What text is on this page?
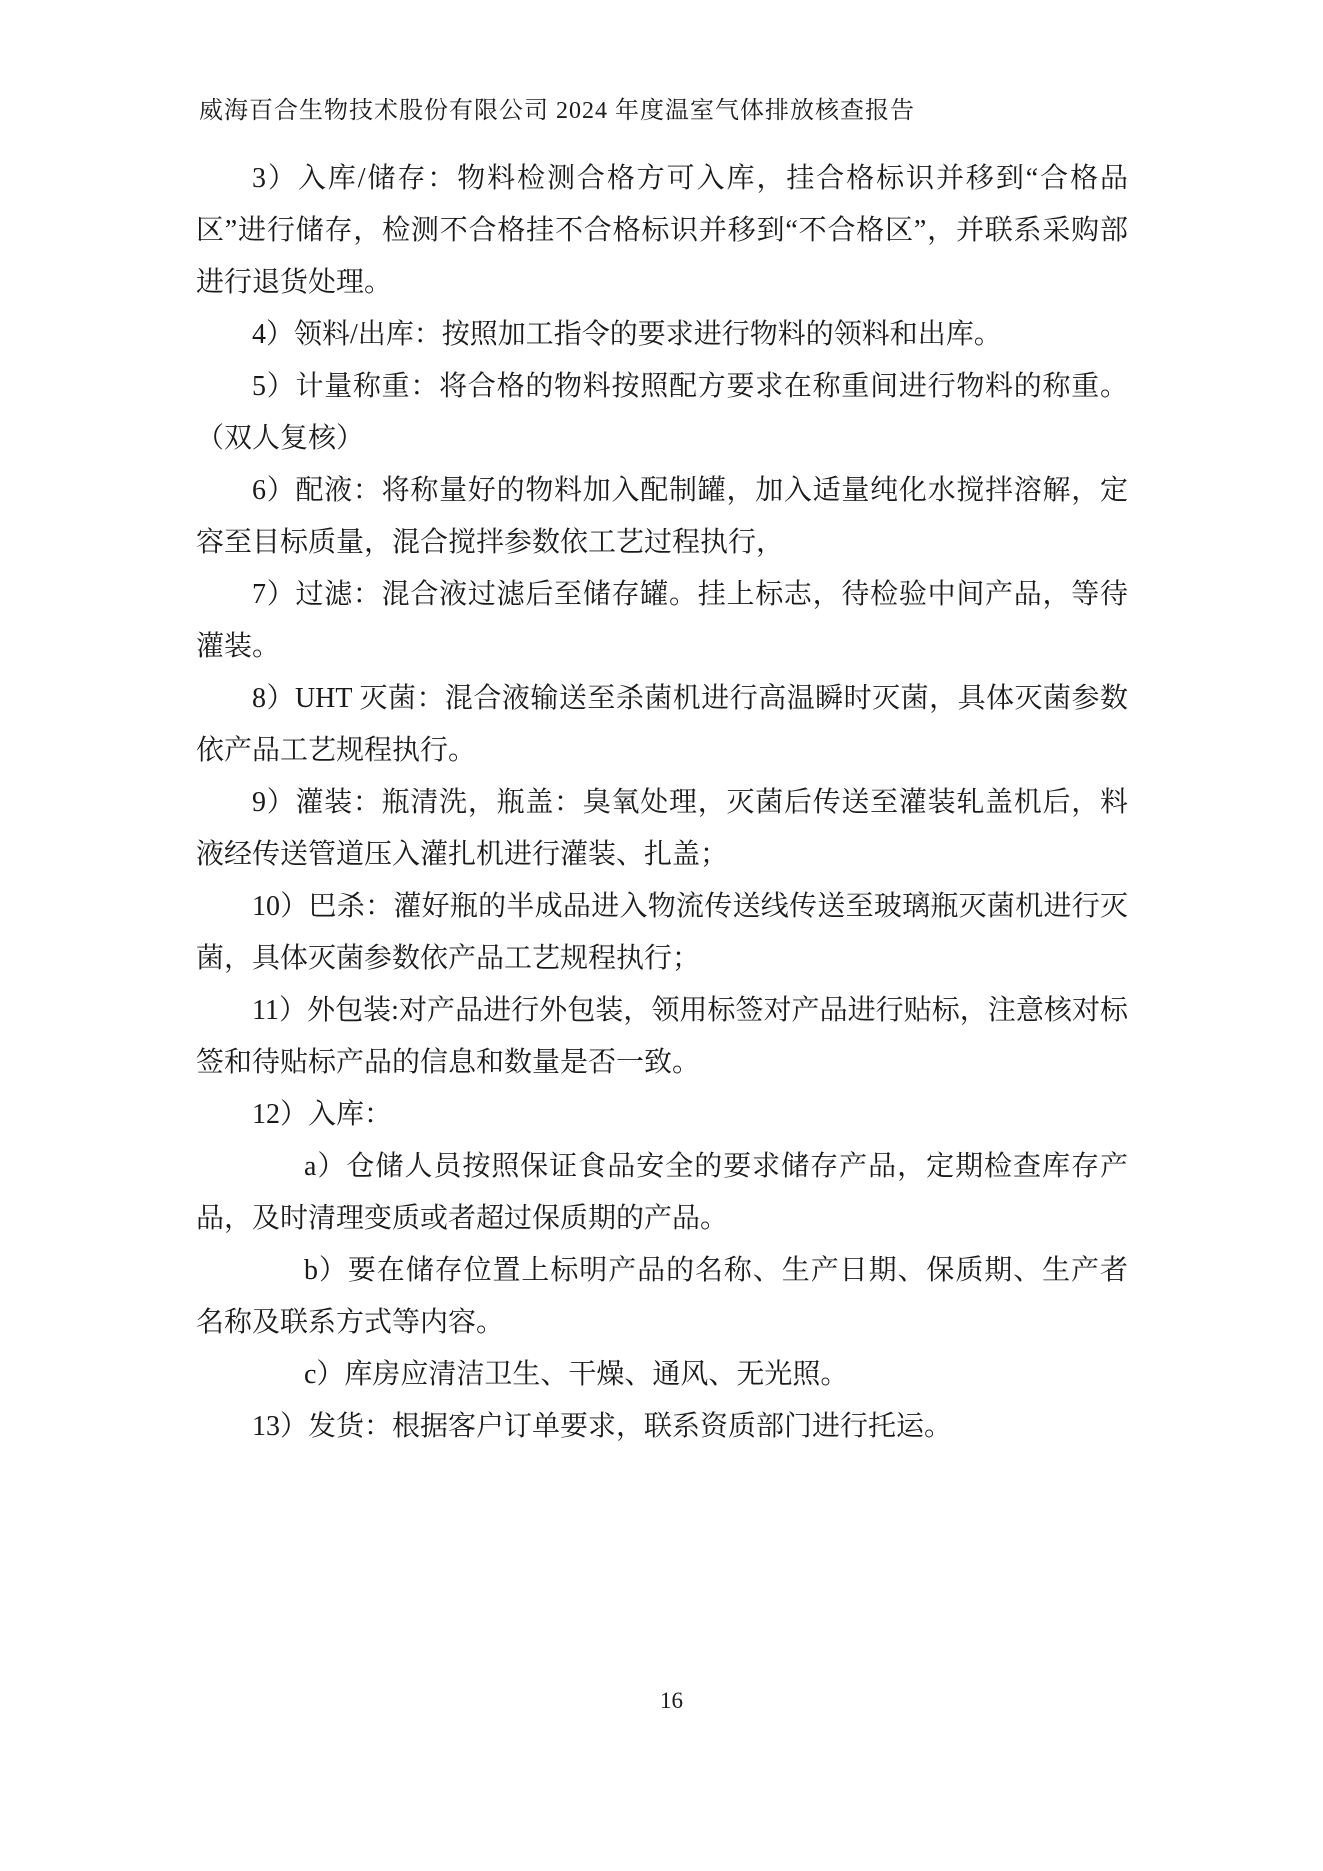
威海百合生物技术股份有限公司 2024 年度温室气体排放核查报告

3）入库/储存：物料检测合格方可入库，挂合格标识并移到“合格品区”进行储存，检测不合格挂不合格标识并移到“不合格区”，并联系采购部进行退货处理。

4）领料/出库：按照加工指令的要求进行物料的领料和出库。

5）计量称重：将合格的物料按照配方要求在称重间进行物料的称重。（双人复核）

6）配液：将称量好的物料加入配制罐，加入适量纯化水搅拌溶解，定容至目标质量，混合搅拌参数依工艺过程执行，

7）过滤：混合液过滤后至储存罐。挂上标志，待检验中间产品，等待灌装。

8）UHT 灭菌：混合液输送至杀菌机进行高温瞬时灭菌，具体灭菌参数依产品工艺规程执行。

9）灌装：瓶清洗，瓶盖：臭氧处理，灭菌后传送至灌装轧盖机后，料液经传送管道压入灌扎机进行灌装、扎盖；

10）巴杀：灌好瓶的半成品进入物流传送线传送至玻璃瓶灭菌机进行灭菌，具体灭菌参数依产品工艺规程执行；

11）外包装:对产品进行外包装，领用标签对产品进行贴标，注意核对标签和待贴标产品的信息和数量是否一致。

12）入库：

a）仓储人员按照保证食品安全的要求储存产品，定期检查库存产品，及时清理变质或者超过保质期的产品。

b）要在储存位置上标明产品的名称、生产日期、保质期、生产者名称及联系方式等内容。

c）库房应清洁卫生、干燥、通风、无光照。

13）发货：根据客户订单要求，联系资质部门进行托运。

16
